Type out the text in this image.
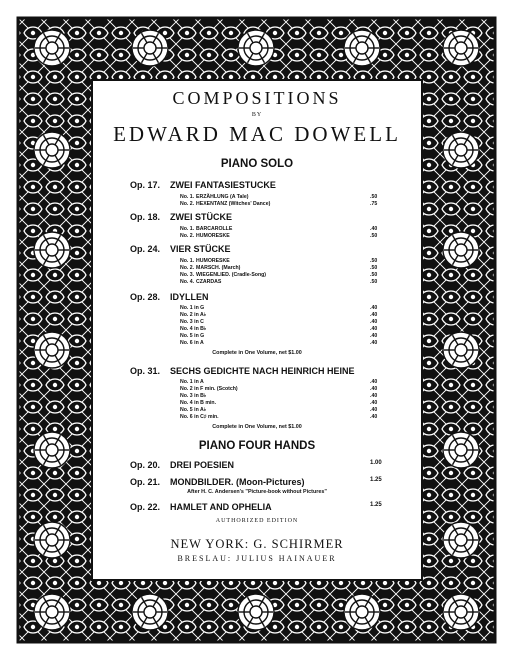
COMPOSITIONS
BY
PIANO SOLO
Op. 17. ZWEI FANTASIESTUCKE
No. 1. ERZÄHLUNG (A Tale)	.50
No. 2. HEXENTANZ (Witches' Dance)	.75
Op. 18. ZWEI STÜCKE
No. 1. BARCAROLLE	.40
No. 2. HUMORESKE	.50
Op. 24. VIER STÜCKE
No. 1. HUMORESKE	.50
No. 2. MARSCH. (March)	.50
No. 3. WIEGENLIED. (Cradle-Song)	.50
No. 4. CZARDAS	.50
Op. 28. IDYLLEN
No. 1 in G	.40
No. 2 in A♭	.40
No. 3 in C	.40
No. 4 in B♭	.40
No. 5 in G	.40
No. 6 in A	.40
Complete in One Volume, net $1.00
Op. 31. SECHS GEDICHTE NACH HEINRICH HEINE
No. 1 in A	.40
No. 2 in F min. (Scotch)	.40
No. 3 in B♭	.40
No. 4 in B min.	.40
No. 5 in A♭	.40
No. 6 in C♯ min.	.40
Complete in One Volume, net $1.00
PIANO FOUR HANDS
Op. 20. DREI POESIEN	1.00
Op. 21. MONDBILDER. (Moon-Pictures)	1.25
After H. C. Andersen's "Picture-book without Pictures"
Op. 22. HAMLET AND OPHELIA	1.25
AUTHORIZED EDITION
NEW YORK: G. SCHIRMER
BRESLAU: JULIUS HAINAUER
EDWARD MAC DOWELL
